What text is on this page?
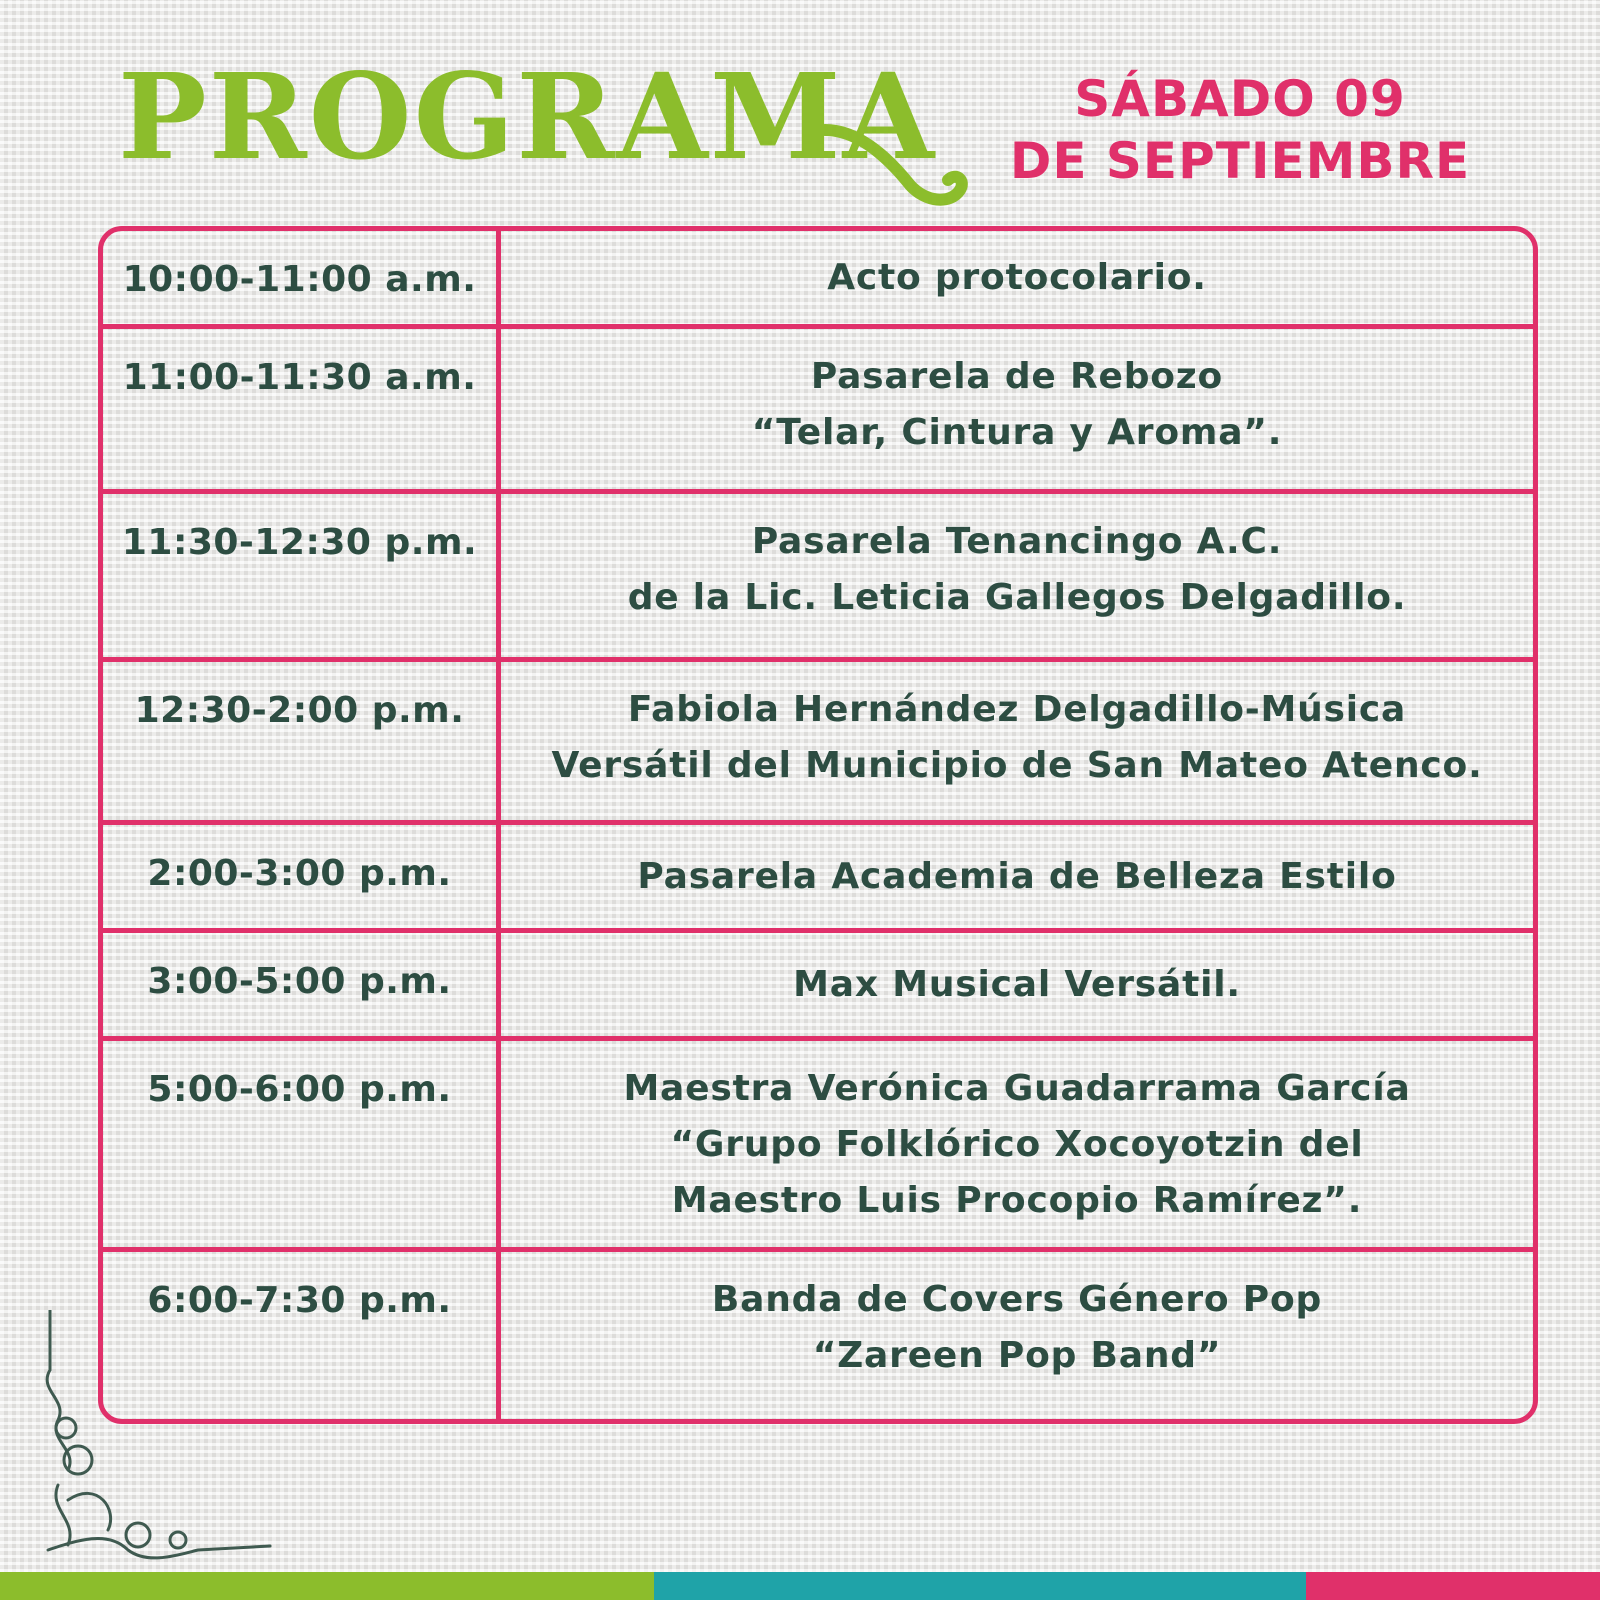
PROGRAMA	SÁBADO 09
DE SEPTIEMBRE
10:00-11:00 a.m.	Acto protocolario.
11:00-11:30 a.m.	Pasarela de Rebozo
“Telar, Cintura y Aroma”.
11:30-12:30 p.m.	Pasarela Tenancingo A.C.
de la Lic. Leticia Gallegos Delgadillo.
12:30-2:00 p.m.	Fabiola Hernández Delgadillo-Música
Versátil del Municipio de San Mateo Atenco.
2:00-3:00 p.m.	Pasarela Academia de Belleza Estilo
3:00-5:00 p.m.	Max Musical Versátil.
5:00-6:00 p.m.	Maestra Verónica Guadarrama García
“Grupo Folklórico Xocoyotzin del
Maestro Luis Procopio Ramírez”.
6:00-7:30 p.m.	Banda de Covers Género Pop
“Zareen Pop Band”
